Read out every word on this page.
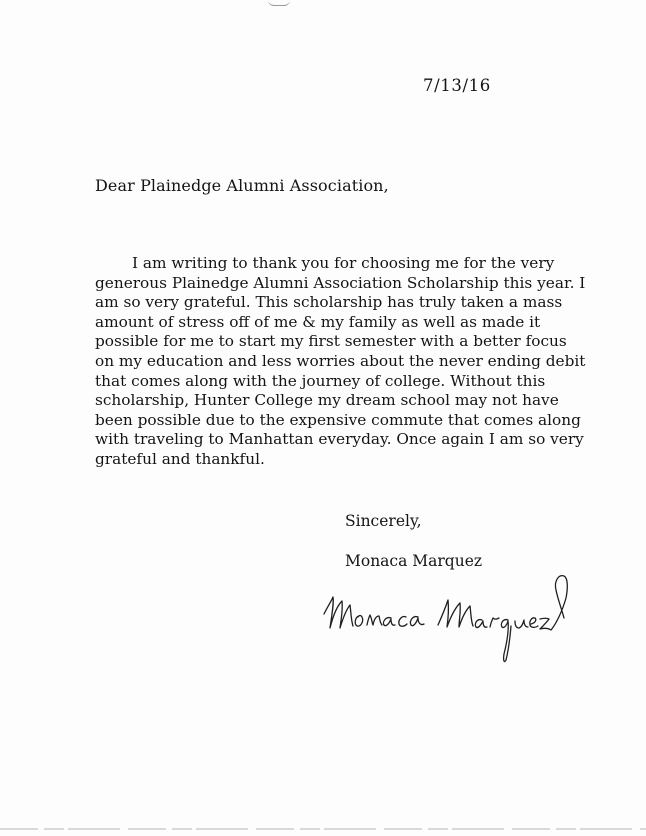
7/13/16
Dear Plainedge Alumni Association,

I am writing to thank you for choosing me for the very
generous Plainedge Alumni Association Scholarship this year. I
am so very grateful. This scholarship has truly taken a mass
amount of stress off of me & my family as well as made it
possible for me to start my first semester with a better focus
on my education and less worries about the never ending debit
that comes along with the journey of college. Without this
scholarship, Hunter College my dream school may not have
been possible due to the expensive commute that comes along
with traveling to Manhattan everyday. Once again I am so very
grateful and thankful.

Sincerely,
Monaca Marquez
